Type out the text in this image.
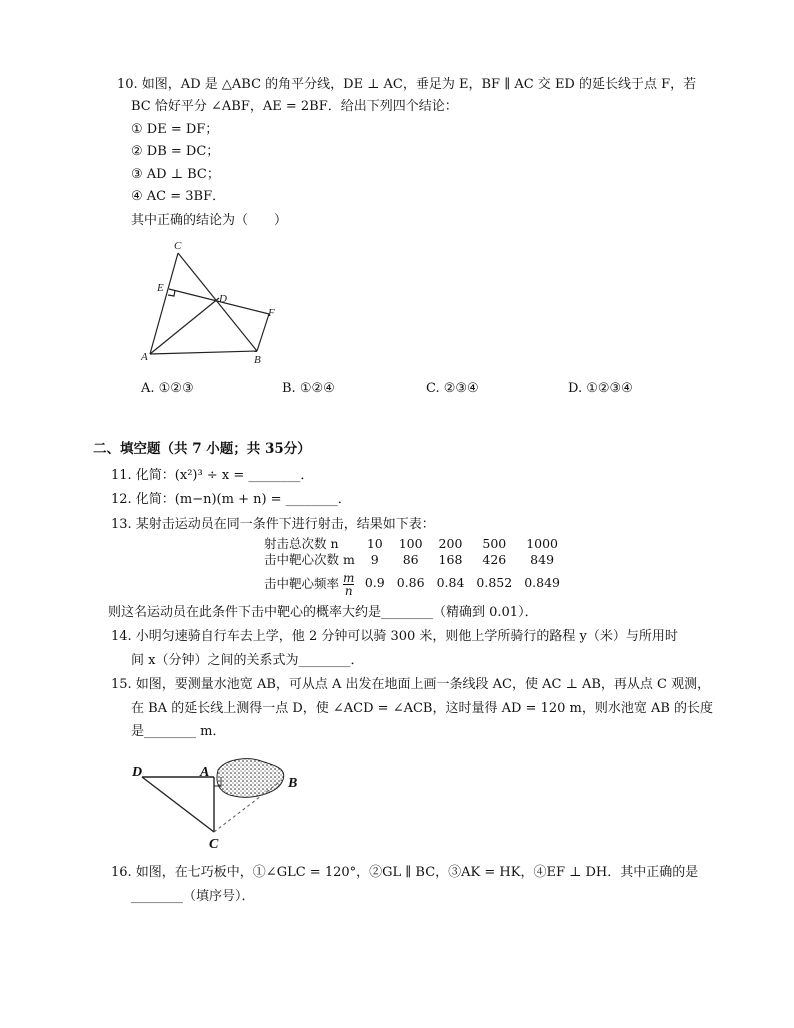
10. 如图，AD 是 △ABC 的角平分线，DE ⊥ AC，垂足为 E，BF ∥ AC 交 ED 的延长线于点 F，若
BC 恰好平分 ∠ABF，AE = 2BF．给出下列四个结论：
① DE = DF；
② DB = DC；
③ AD ⊥ BC；
④ AC = 3BF．
其中正确的结论为（　　）
C
E
D
F
A	B
A. ①②③	B. ①②④	C. ②③④	D. ①②③④
二、填空题（共 7 小题；共 35分）
11. 化简：(x²)³ ÷ x = ________．
12. 化简：(m−n)(m + n) = ________．
13. 某射击运动员在同一条件下进行射击，结果如下表：
射击总次数 n	10	100	200	500	1000
击中靶心次数 m	9	86	168	426	849
击中靶心频率 $\frac{m}{n}$	0.9	0.86	0.84	0.852	0.849
则这名运动员在此条件下击中靶心的概率大约是________（精确到 0.01）．
14. 小明匀速骑自行车去上学，他 2 分钟可以骑 300 米，则他上学所骑行的路程 y（米）与所用时
间 x（分钟）之间的关系式为________．
15. 如图，要测量水池宽 AB，可从点 A 出发在地面上画一条线段 AC，使 AC ⊥ AB，再从点 C 观测，
在 BA 的延长线上测得一点 D，使 ∠ACD = ∠ACB，这时量得 AD = 120 m，则水池宽 AB 的长度
是________ m．
D	A
B
C
16. 如图，在七巧板中，①∠GLC = 120°，②GL ∥ BC，③AK = HK，④EF ⊥ DH．其中正确的是
________（填序号）．
